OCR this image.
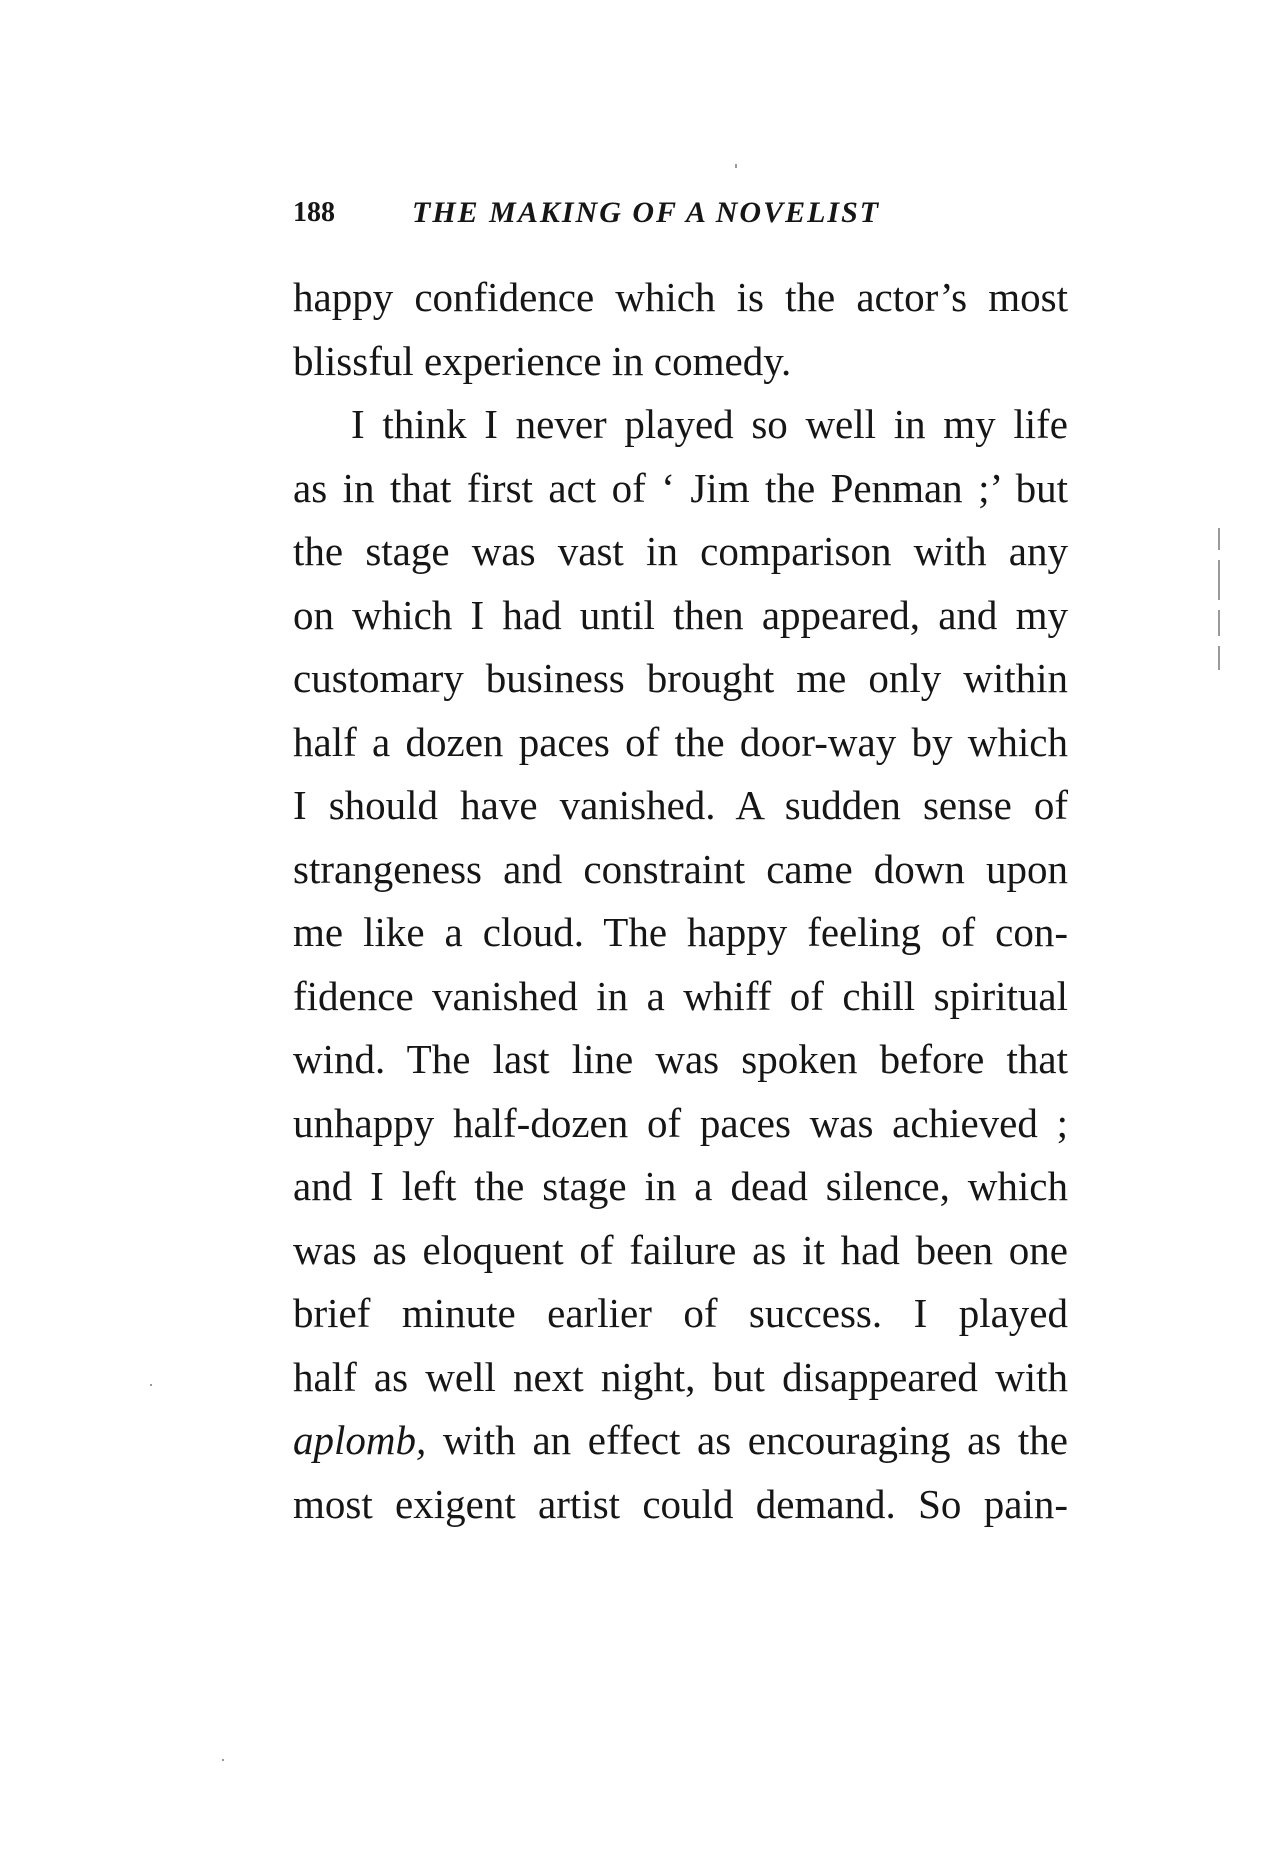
188	THE MAKING OF A NOVELIST
happy confidence which is the actor’s most
blissful experience in comedy.
I think I never played so well in my life
as in that first act of ‘ Jim the Penman ;’ but
the stage was vast in comparison with any
on which I had until then appeared, and my
customary business brought me only within
half a dozen paces of the door-way by which
I should have vanished. A sudden sense of
strangeness and constraint came down upon
me like a cloud. The happy feeling of con-
fidence vanished in a whiff of chill spiritual
wind. The last line was spoken before that
unhappy half-dozen of paces was achieved ;
and I left the stage in a dead silence, which
was as eloquent of failure as it had been one
brief minute earlier of success. I played
half as well next night, but disappeared with
aplomb, with an effect as encouraging as the
most exigent artist could demand. So pain-
